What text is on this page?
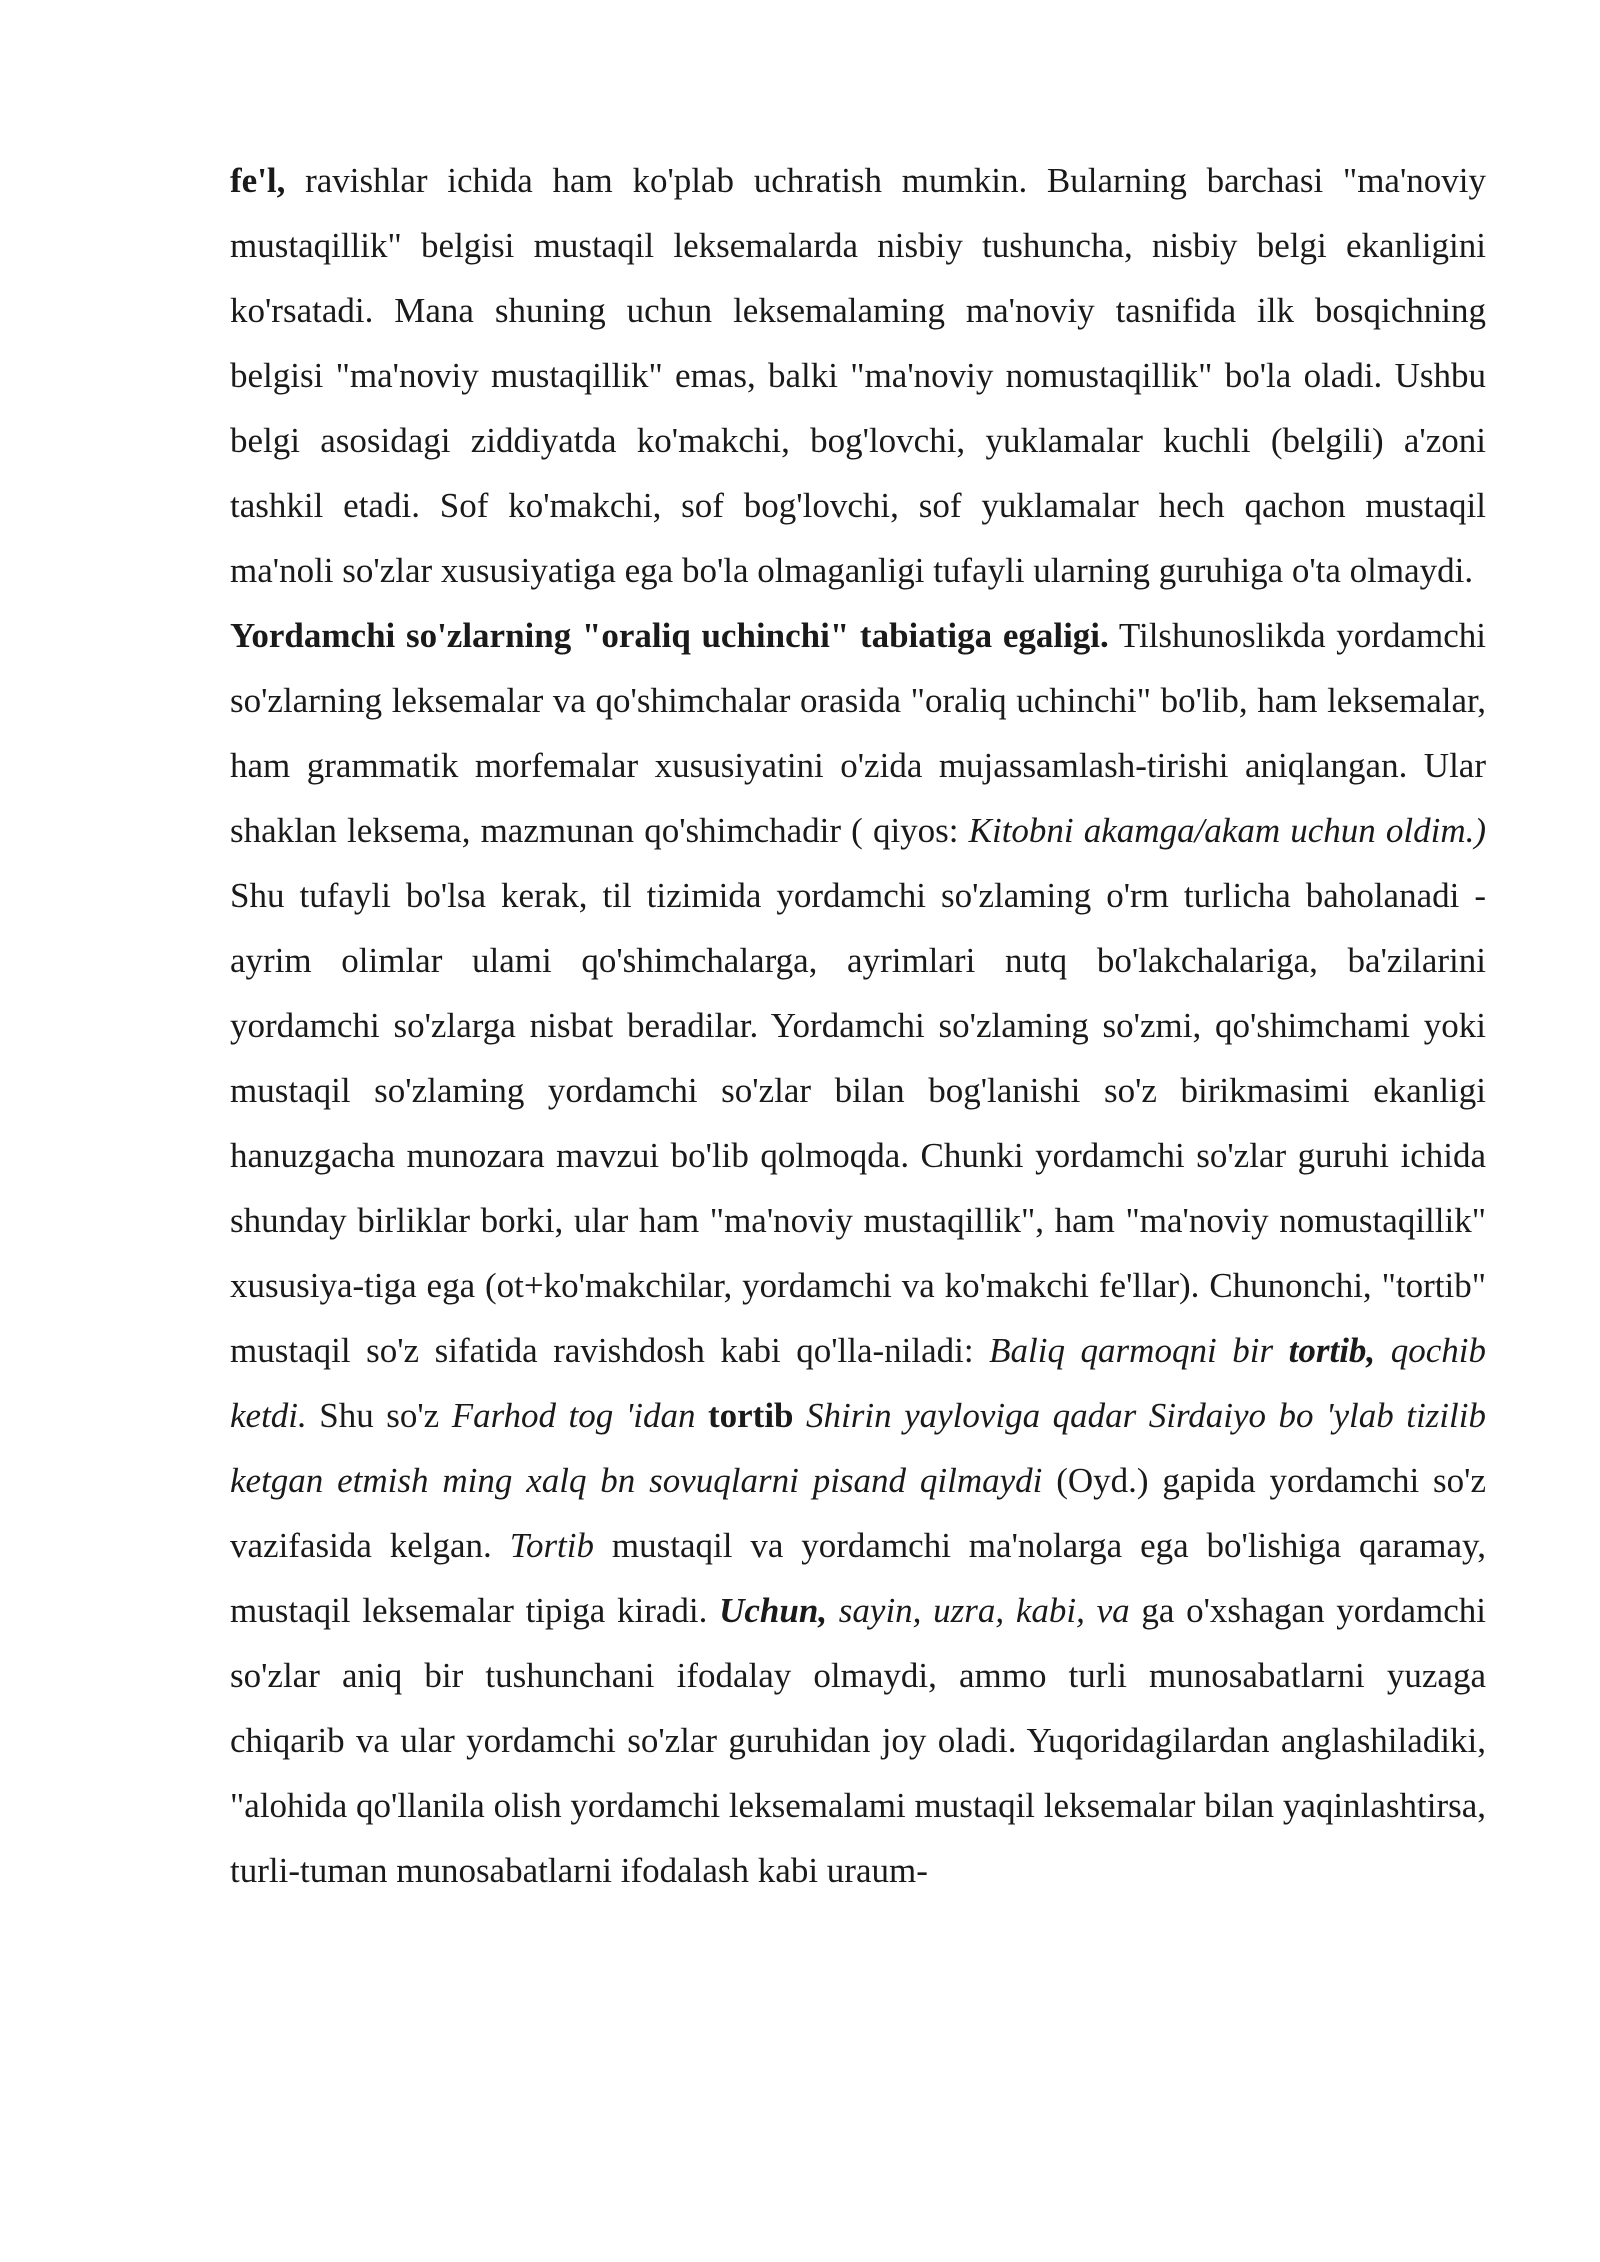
fe'l, ravishlar ichida ham ko'plab uchratish mumkin. Bularning barchasi "ma'noviy mustaqillik" belgisi mustaqil leksemalarda nisbiy tushuncha, nisbiy belgi ekanligini ko'rsatadi. Mana shuning uchun leksemalaming ma'noviy tasnifida ilk bosqichning belgisi "ma'noviy mustaqillik" emas, balki "ma'noviy nomustaqillik" bo'la oladi. Ushbu belgi asosidagi ziddiyatda ko'makchi, bog'lovchi, yuklamalar kuchli (belgili) a'zoni tashkil etadi. Sof ko'makchi, sof bog'lovchi, sof yuklamalar hech qachon mustaqil ma'noli so'zlar xususiyatiga ega bo'la olmaganligi tufayli ularning guruhiga o'ta olmaydi.

Yordamchi so'zlarning "oraliq uchinchi" tabiatiga egaligi. Tilshunoslikda yordamchi so'zlarning leksemalar va qo'shimchalar orasida "oraliq uchinchi" bo'lib, ham leksemalar, ham grammatik morfemalar xususiyatini o'zida mujassamlash-tirishi aniqlangan. Ular shaklan leksema, mazmunan qo'shimchadir ( qiyos: Kitobni akamga/akam uchun oldim.) Shu tufayli bo'lsa kerak, til tizimida yordamchi so'zlaming o'rm turlicha baholanadi - ayrim olimlar ulami qo'shimchalarga, ayrimlari nutq bo'lakchalariga, ba'zilarini yordamchi so'zlarga nisbat beradilar. Yordamchi so'zlaming so'zmi, qo'shimchami yoki mustaqil so'zlaming yordamchi so'zlar bilan bog'lanishi so'z birikmasimi ekanligi hanuzgacha munozara mavzui bo'lib qolmoqda. Chunki yordamchi so'zlar guruhi ichida shunday birliklar borki, ular ham "ma'noviy mustaqillik", ham "ma'noviy nomustaqillik" xususiya-tiga ega (ot+ko'makchilar, yordamchi va ko'makchi fe'llar). Chunonchi, "tortib" mustaqil so'z sifatida ravishdosh kabi qo'lla-niladi: Baliq qarmoqni bir tortib, qochib ketdi. Shu so'z Farhod tog 'idan tortib Shirin yayloviga qadar Sirdaiyo bo 'ylab tizilib ketgan etmish ming xalq bn sovuqlarni pisand qilmaydi (Oyd.) gapida yordamchi so'z vazifasida kelgan. Tortib mustaqil va yordamchi ma'nolarga ega bo'lishiga qaramay, mustaqil leksemalar tipiga kiradi. Uchun, sayin, uzra, kabi, va ga o'xshagan yordamchi so'zlar aniq bir tushunchani ifodalay olmaydi, ammo turli munosabatlarni yuzaga chiqarib va ular yordamchi so'zlar guruhidan joy oladi. Yuqoridagilardan anglashiladiki, "alohida qo'llanila olish yordamchi leksemalami mustaqil leksemalar bilan yaqinlashtirsa, turli-tuman munosabatlarni ifodalash kabi uraum-
